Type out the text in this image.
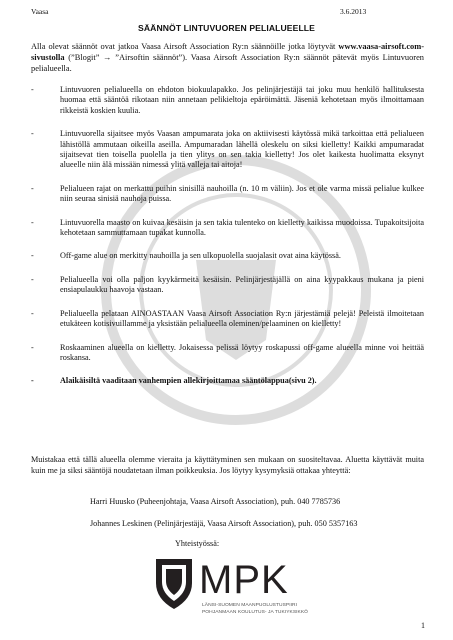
Vaasa	3.6.2013
SÄÄNNÖT LINTUVUOREN PELIALUEELLE
Alla olevat säännöt ovat jatkoa Vaasa Airsoft Association Ry:n säännöille jotka löytyvät www.vaasa-airsoft.com-sivustolla (”Blogit” → ”Airsoftin säännöt”). Vaasa Airsoft Association Ry:n säännöt pätevät myös Lintuvuoren pelialueella.
-	Lintuvuoren pelialueella on ehdoton biokuulapakko. Jos pelinjärjestäjä tai joku muu henkilö hallituksesta huomaa että sääntöä rikotaan niin annetaan pelikieltoja epäröimättä. Jäseniä kehotetaan myös ilmoittamaan rikkeistä koskien kuulia.
-	Lintuvuorella sijaitsee myös Vaasan ampumarata joka on aktiivisesti käytössä mikä tarkoittaa että pelialueen lähistöllä ammutaan oikeilla aseilla. Ampumaradan lähellä oleskelu on siksi kielletty! Kaikki ampumaradat sijaitsevat tien toisella puolella ja tien ylitys on sen takia kielletty! Jos olet kaikesta huolimatta eksynyt alueelle niin älä missään nimessä ylitä valleja tai aitoja!
-	Pelialueen rajat on merkattu puihin sinisillä nauhoilla (n. 10 m väliin). Jos et ole varma missä pelialue kulkee niin seuraa sinisiä nauhoja puissa.
-	Lintuvuorella maasto on kuivaa kesäisin ja sen takia tulenteko on kielletty kaikissa muodoissa. Tupakoitsijoita kehotetaan sammuttamaan tupakat kunnolla.
-	Off-game alue on merkitty nauhoilla ja sen ulkopuolella suojalasit ovat aina käytössä.
-	Pelialueella voi olla paljon kyykärmeitä kesäisin. Pelinjärjestäjällä on aina kyypakkaus mukana ja pieni ensiapulaukku haavoja vastaan.
-	Pelialueella pelataan AINOASTAAN Vaasa Airsoft Association Ry:n järjestämiä pelejä! Peleistä ilmoitetaan etukäteen kotisivuillamme ja yksistään pelialueella oleminen/pelaaminen on kielletty!
-	Roskaaminen alueella on kielletty. Jokaisessa pelissä löytyy roskapussi off-game alueella minne voi heittää roskansa.
-	Alaikäisiltä vaaditaan vanhempien allekirjoittamaa sääntölappua(sivu 2).
Muistakaa että tällä alueella olemme vieraita ja käyttätyminen sen mukaan on suositeltavaa. Aluetta käyttävät muita kuin me ja siksi sääntöjä noudatetaan ilman poikkeuksia. Jos löytyy kysymyksiä ottakaa yhteyttä:
Harri Huusko (Puheenjohtaja, Vaasa Airsoft Association), puh. 040 7785736
Johannes Leskinen (Pelinjärjestäjä, Vaasa Airsoft Association), puh. 050 5357163
Yhteistyössä:
MPK
LÄNSI-SUOMEN MAANPUOLUSTUSPIIRI
POHJANMAAN KOULUTUS- JA TUKIYKSIKKÖ
1
